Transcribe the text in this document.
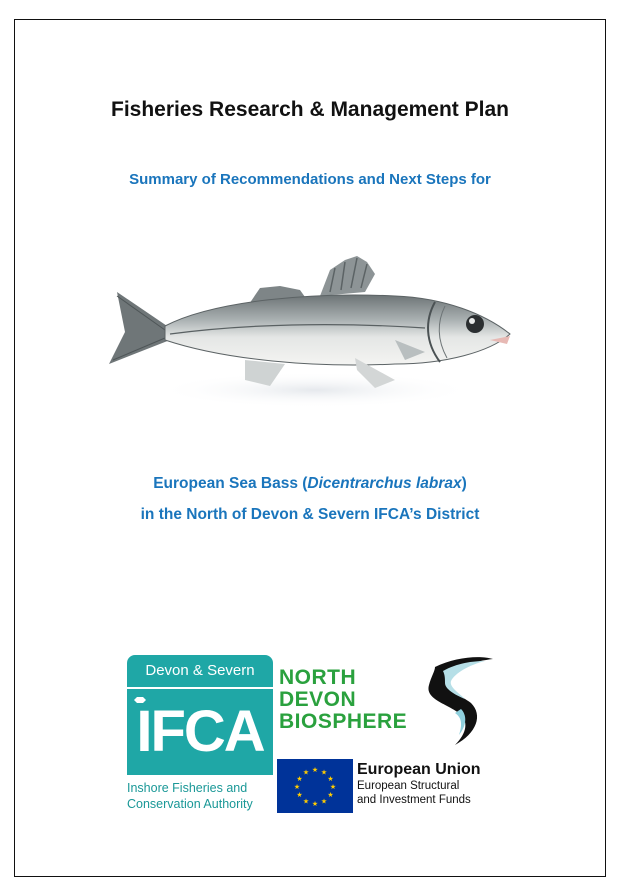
Fisheries Research & Management Plan
Summary of Recommendations and Next Steps for
European Sea Bass (Dicentrarchus labrax)
in the North of Devon & Severn IFCA’s District
Devon & Severn
IFCA
Inshore Fisheries and
Conservation Authority
NORTH
DEVON
BIOSPHERE
★ ★
★
★
★
★
★
★
★
★
★
★	European Union
European Structural
and Investment Funds
